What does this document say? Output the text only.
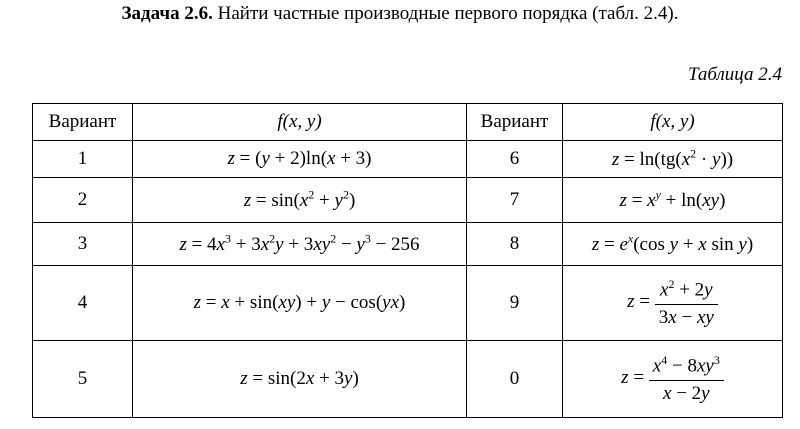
Задача 2.6. Найти частные производные первого порядка (табл. 2.4).
Таблица 2.4
Вариант	f(x, y)	Вариант	f(x, y)
1	z = (y + 2)ln(x + 3)	6	$z = \ln(tg(x^2 \cdot y))$
2	$z = \sin(x^2 + y^2)$	7	$z = x^y + \ln(xy)$
3	$z = 4x^3 + 3x^2y + 3xy^2 - y^3 - 256$	8	$z = e^x(\cos$ y + x sin y)
4	z = x + sin(xy) + y − cos(yx)	9	$z = \frac{x^2 + 2y}{3x - xy}$

5	z = sin(2x + 3y)	0	$z = \frac{x^4 - 8xy^3}{x - 2y}$
